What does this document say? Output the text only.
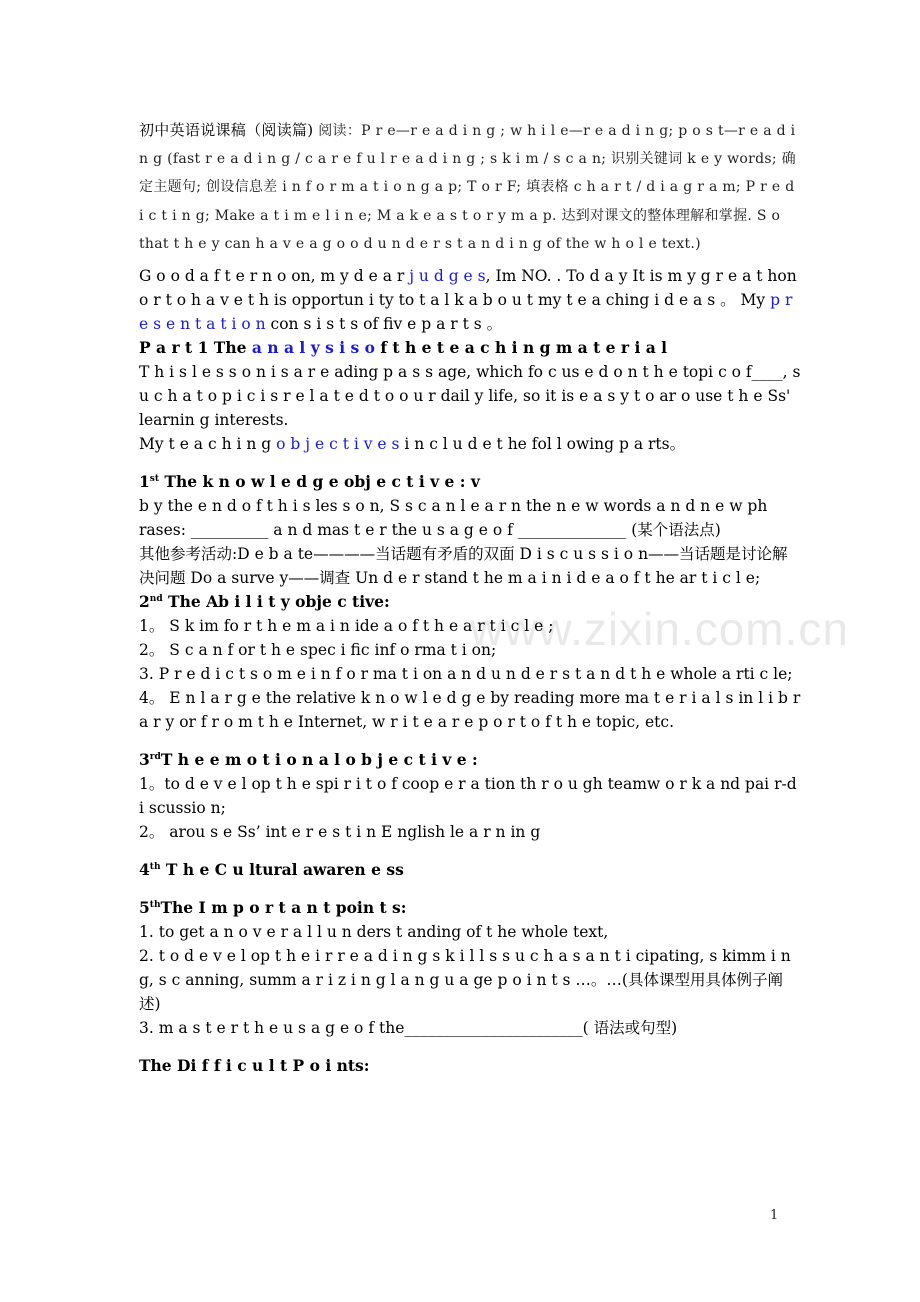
www.zixin.com.cn
初中英语说课稿（阅读篇) 阅读：P r e—r e a d i n g ; w h i l e—r e a d i n g; p o s t—r e a d i n g (fast r e a d i n g / c a r e f u l r e a d i n g ; s k i m / s c a n; 识别关键词 k e y words; 确定主题句; 创设信息差 i n f o r m a t i o n g a p; T o r F; 填表格 c h a r t / d i a g r a m; P r e d i c t i n g; Make a t i m e l i n e; M a k e a s t o r y m a p. 达到对课文的整体理解和掌握. S o that t h e y can h a v e a g o o d u n d e r s t a n d i n g of the w h o l e text.)

G o o d a f t e r n o on, m y d e a r j u d g e s, Im NO. . To d a y It is m y g r e a t hon o r t o h a v e t h is opportun i ty to t a l k a b o u t my t e a ching i d e a s 。 My p r e s e n t a t i o n con s i s t s of fiv e p a r t s 。

P a r t 1 The a n a l y s i s o f t h e t e a c h i n g m a t e r i a l

T h i s l e s s o n i s a r e ading p a s s age, which fo c us e d o n t h e topi c o f____, s u c h a t o p i c i s r e l a t e d t o o u r dail y life, so it is e a s y t o ar o use t h e Ss' learnin g interests.

My t e a c h i n g o b j e c t i v e s i n c l u d e t he fol l owing p a rts。

1st The k n o w l e d g e obj e c t i v e : v

b y the e n d o f t h i s les s o n, S s c a n l e a r n the n e w words a n d n e w ph rases: __________ a n d mas t e r the u s a g e o f ______________ (某个语法点)

其他参考活动:D e b a te————当话题有矛盾的双面 D i s c u s s i o n——当话题是讨论解决问题 Do a surve y——调查 Un d e r stand t he m a i n i d e a o f t he ar t i c l e;

2nd The Ab i l i t y obje c tive:

1。 S k im fo r t h e m a i n ide a o f t h e a r t i c l e ;

2。 S c a n f or t h e spec i fic inf o rma t i on;

3. P r e d i c t s o m e i n f o r ma t i on a n d u n d e r s t a n d t h e whole a rti c le;

4。 E n l a r g e the relative k n o w l e d g e by reading more ma t e r i a l s in l i b r a r y or f r o m t h e Internet, w r i t e a r e p o r t o f t h e topic, etc.

3rdT h e e m o t i o n a l o b j e c t i v e :

1。to d e v e l op t h e spi r i t o f coop e r a tion th r o u gh teamw o r k a nd pai r-d i scussio n;

2。 arou s e Ss’ int e r e s t i n E nglish le a r n in g

4th T h e C u ltural awaren e ss

5thThe I m p o r t a n t poin t s:

1. to get a n o v e r a l l u n ders t anding of t he whole text,

2. t o d e v e l op t h e i r r e a d i n g s k i l l s s u c h a s a n t i cipating, s kimm i n g, s c anning, summ a r i z i n g l a n g u a ge p o i n t s …。…(具体课型用具体例子阐述)

3. m a s t e r t h e u s a g e o f the_______________________( 语法或句型)

The Di f f i c u l t P o i nts:

1
